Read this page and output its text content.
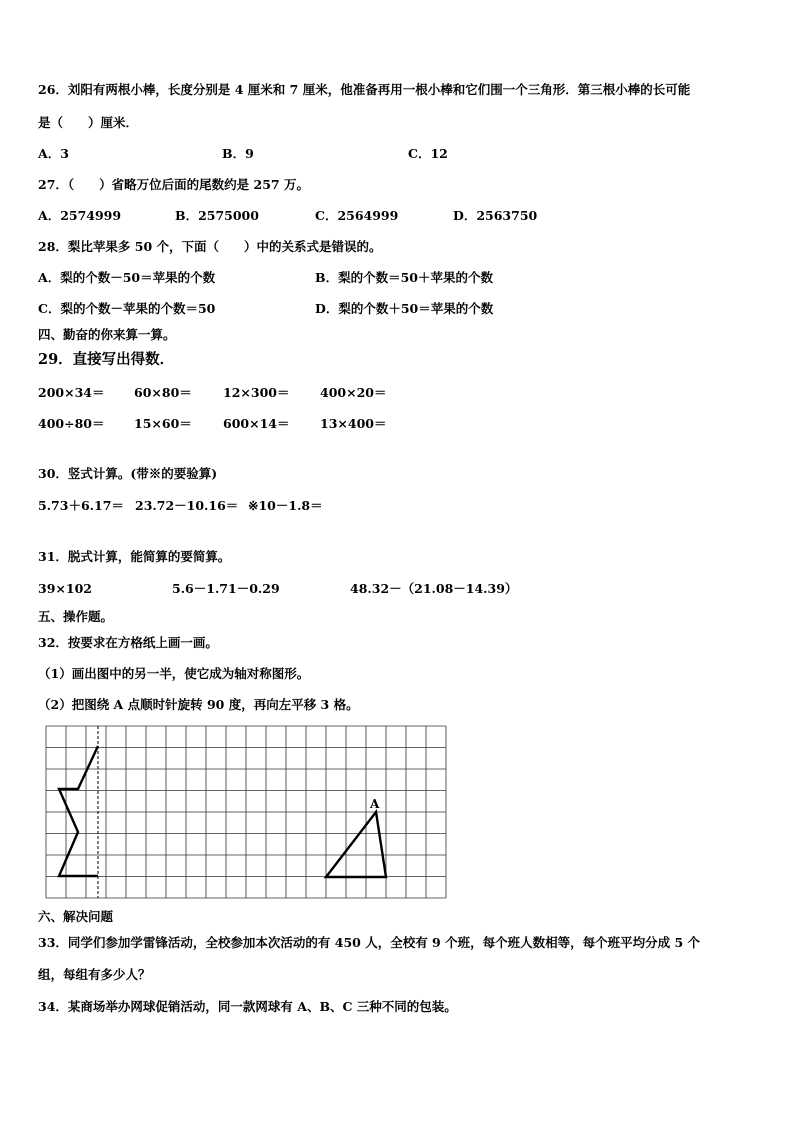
26．刘阳有两根小棒，长度分别是 4 厘米和 7 厘米，他准备再用一根小棒和它们围一个三角形．第三根小棒的长可能
是（　　）厘米．
A．3	B．9	C．12
27．（　　）省略万位后面的尾数约是 257 万。
A．2574999	B．2575000	C．2564999	D．2563750
28．梨比苹果多 50 个，下面（　　）中的关系式是错误的。
A．梨的个数－50＝苹果的个数	B．梨的个数＝50＋苹果的个数
C．梨的个数－苹果的个数＝50	D．梨的个数＋50＝苹果的个数
四、勤奋的你来算一算。
29．直接写出得数．
200×34＝ 60×80＝ 12×300＝ 400×20＝
400÷80＝ 15×60＝ 600×14＝ 13×400＝
30．竖式计算。(带※的要验算)
5.73＋6.17＝ 23.72－10.16＝ ※10－1.8＝
31．脱式计算，能简算的要简算。
39×102	5.6－1.71－0.29	48.32－（21.08－14.39）
五、操作题。
32．按要求在方格纸上画一画。
（1）画出图中的另一半，使它成为轴对称图形。
（2）把图绕 A 点顺时针旋转 90 度，再向左平移 3 格。
A
六、解决问题
33．同学们参加学雷锋活动，全校参加本次活动的有 450 人，全校有 9 个班，每个班人数相等，每个班平均分成 5 个
组，每组有多少人？
34．某商场举办网球促销活动，同一款网球有 A、B、C 三种不同的包装。
